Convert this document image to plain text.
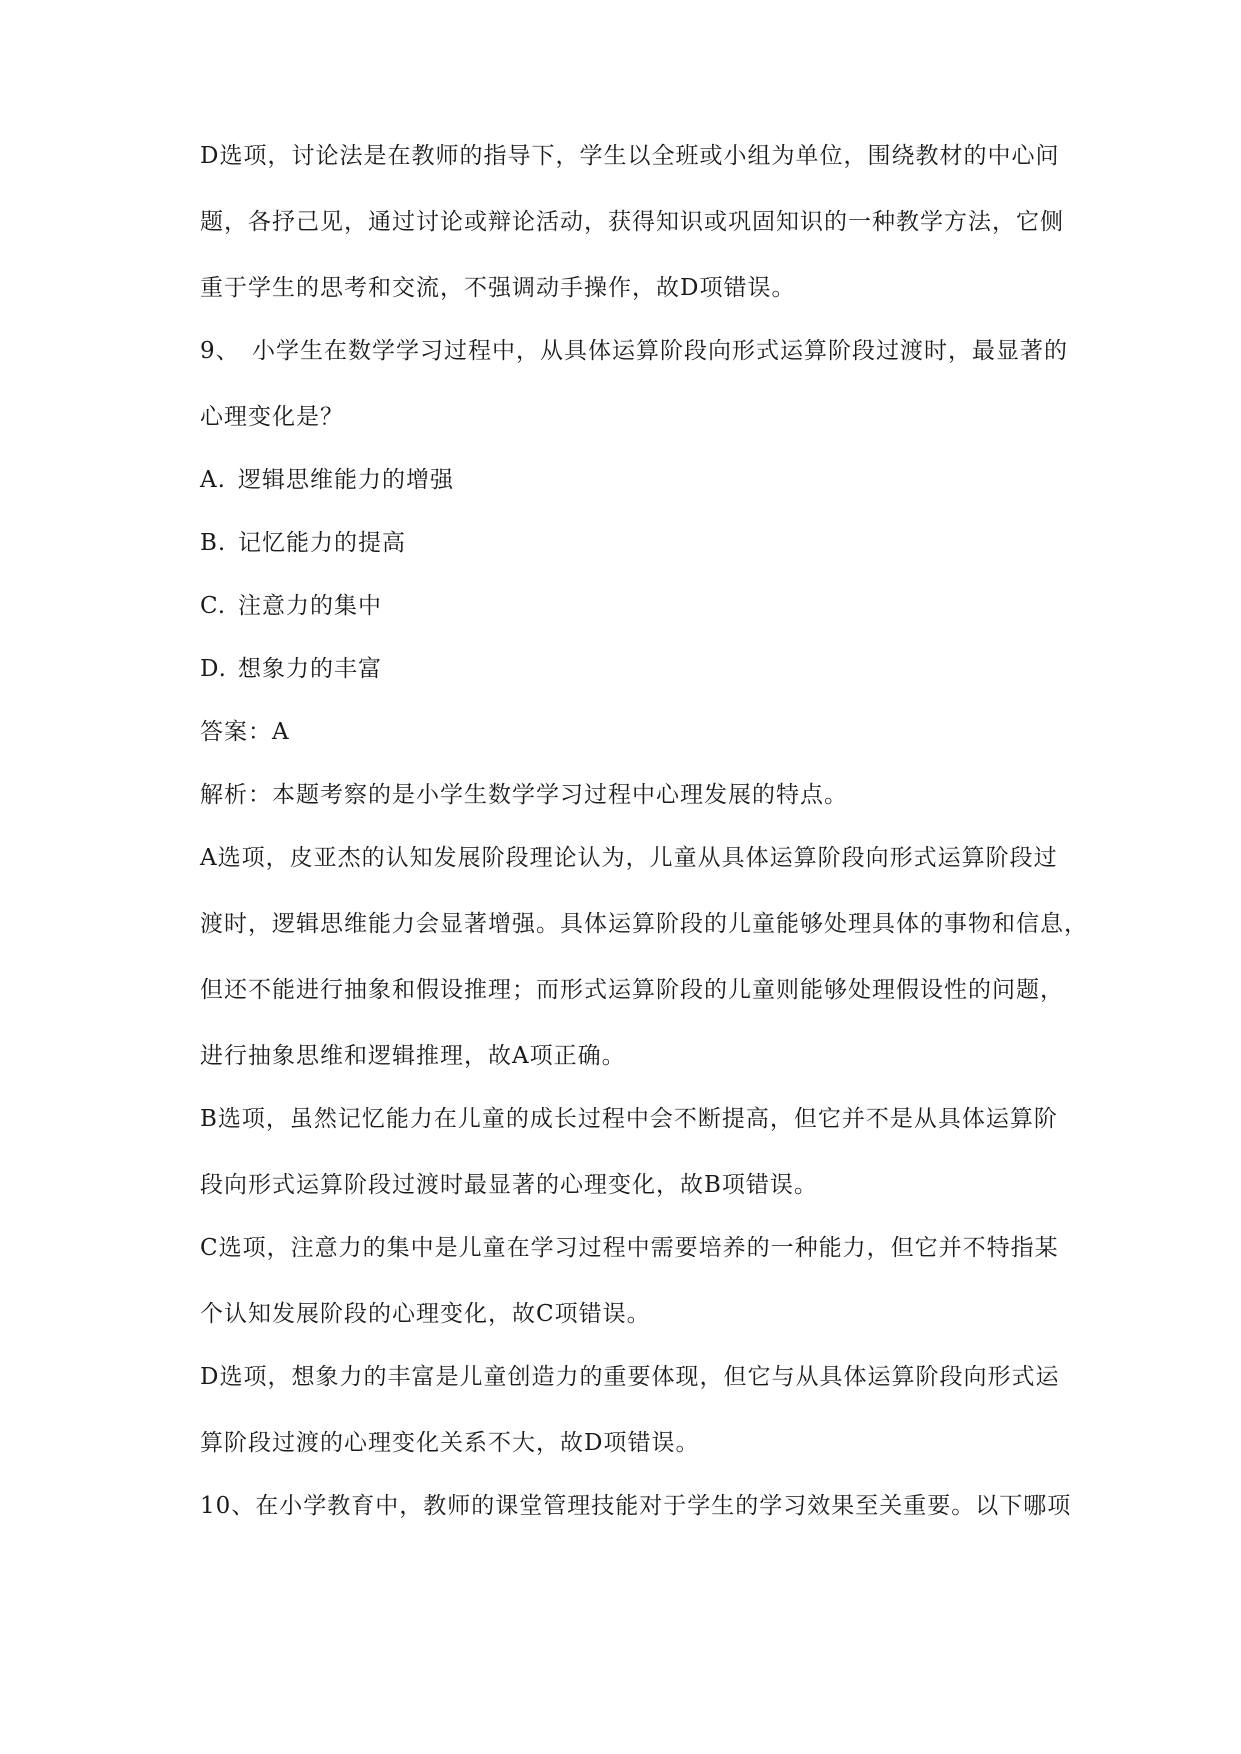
D选项，讨论法是在教师的指导下，学生以全班或小组为单位，围绕教材的中心问
题，各抒己见，通过讨论或辩论活动，获得知识或巩固知识的一种教学方法，它侧
重于学生的思考和交流，不强调动手操作，故D项错误。
9、 小学生在数学学习过程中，从具体运算阶段向形式运算阶段过渡时，最显著的
心理变化是？
A. 逻辑思维能力的增强
B. 记忆能力的提高
C. 注意力的集中
D. 想象力的丰富
答案：A
解析：本题考察的是小学生数学学习过程中心理发展的特点。
A选项，皮亚杰的认知发展阶段理论认为，儿童从具体运算阶段向形式运算阶段过
渡时，逻辑思维能力会显著增强。具体运算阶段的儿童能够处理具体的事物和信息，
但还不能进行抽象和假设推理；而形式运算阶段的儿童则能够处理假设性的问题，
进行抽象思维和逻辑推理，故A项正确。
B选项，虽然记忆能力在儿童的成长过程中会不断提高，但它并不是从具体运算阶
段向形式运算阶段过渡时最显著的心理变化，故B项错误。
C选项，注意力的集中是儿童在学习过程中需要培养的一种能力，但它并不特指某
个认知发展阶段的心理变化，故C项错误。
D选项，想象力的丰富是儿童创造力的重要体现，但它与从具体运算阶段向形式运
算阶段过渡的心理变化关系不大，故D项错误。
10、在小学教育中，教师的课堂管理技能对于学生的学习效果至关重要。以下哪项
